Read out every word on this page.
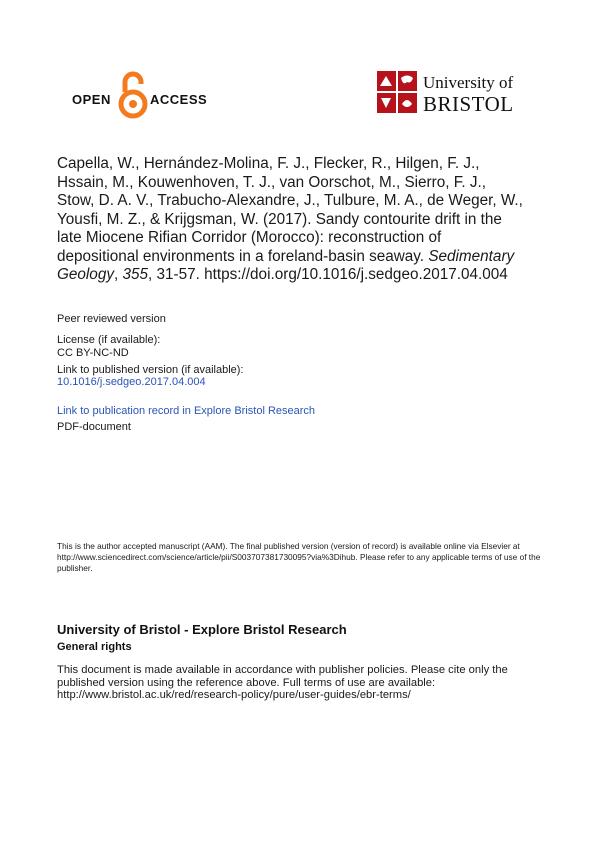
OPEN	ACCESS
University of
BRISTOL
Capella, W., Hernández-Molina, F. J., Flecker, R., Hilgen, F. J., Hssain, M., Kouwenhoven, T. J., van Oorschot, M., Sierro, F. J., Stow, D. A. V., Trabucho-Alexandre, J., Tulbure, M. A., de Weger, W., Yousfi, M. Z., & Krijgsman, W. (2017). Sandy contourite drift in the late Miocene Rifian Corridor (Morocco): reconstruction of depositional environments in a foreland-basin seaway. Sedimentary Geology, 355, 31-57. https://doi.org/10.1016/j.sedgeo.2017.04.004
Peer reviewed version
License (if available):
CC BY-NC-ND
Link to published version (if available):
10.1016/j.sedgeo.2017.04.004
Link to publication record in Explore Bristol Research
PDF-document
This is the author accepted manuscript (AAM). The final published version (version of record) is available online via Elsevier at http://www.sciencedirect.com/science/article/pii/S003707381730095?via%3Dihub. Please refer to any applicable terms of use of the publisher.
University of Bristol - Explore Bristol Research
General rights
This document is made available in accordance with publisher policies. Please cite only the published version using the reference above. Full terms of use are available: http://www.bristol.ac.uk/red/research-policy/pure/user-guides/ebr-terms/
